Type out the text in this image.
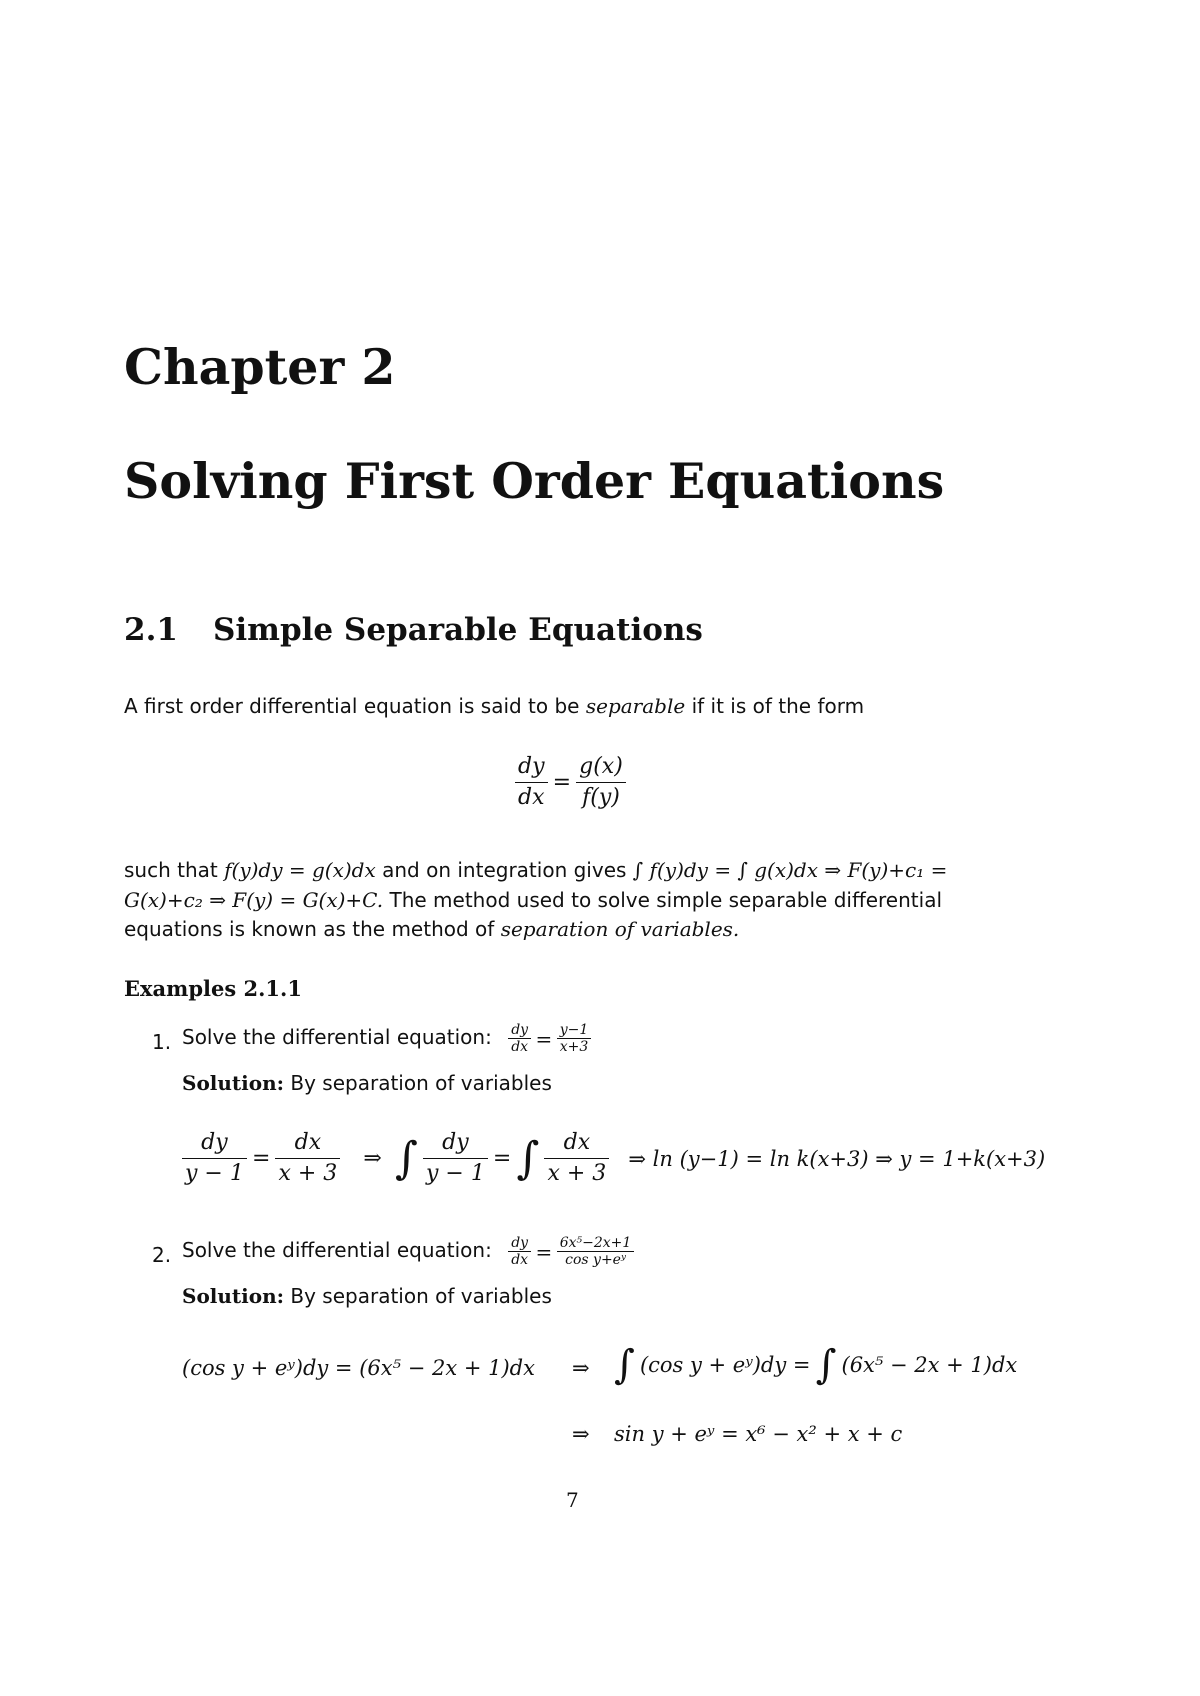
Chapter 2
Solving First Order Equations
2.1 Simple Separable Equations
A first order differential equation is said to be separable if it is of the form
$\frac{dy}{dx} = \frac{g(x)}{f(y)}$
such that f(y)dy = g(x)dx and on integration gives ∫ f(y)dy = ∫ g(x)dx ⇒ F(y)+c₁ =
G(x)+c₂ ⇒ F(y) = G(x)+C. The method used to solve simple separable differential
equations is known as the method of separation of variables.
Examples 2.1.1
1. Solve the differential equation: $\frac{dy}{dx} = \frac{y-1}{x+3}$
Solution: By separation of variables
$\frac{dy}{y - 1} = \frac{dx}{x + 3}$ ⇒ ∫ $\frac{dy}{y - 1}$ = ∫ $\frac{dx}{x + 3}$ ⇒ ln (y−1) = ln k(x+3) ⇒ y = 1+k(x+3)
2. Solve the differential equation: $\frac{dy}{dx} = \frac{\text{6x⁵−2x+1}}{\text{cos y+eʸ}}$
Solution: By separation of variables
(cos y + eʸ)dy = (6x⁵ − 2x + 1)dx ⇒ ∫ (cos y + eʸ)dy = ∫ (6x⁵ − 2x + 1)dx
⇒ sin y + eʸ = x⁶ − x² + x + c
7
